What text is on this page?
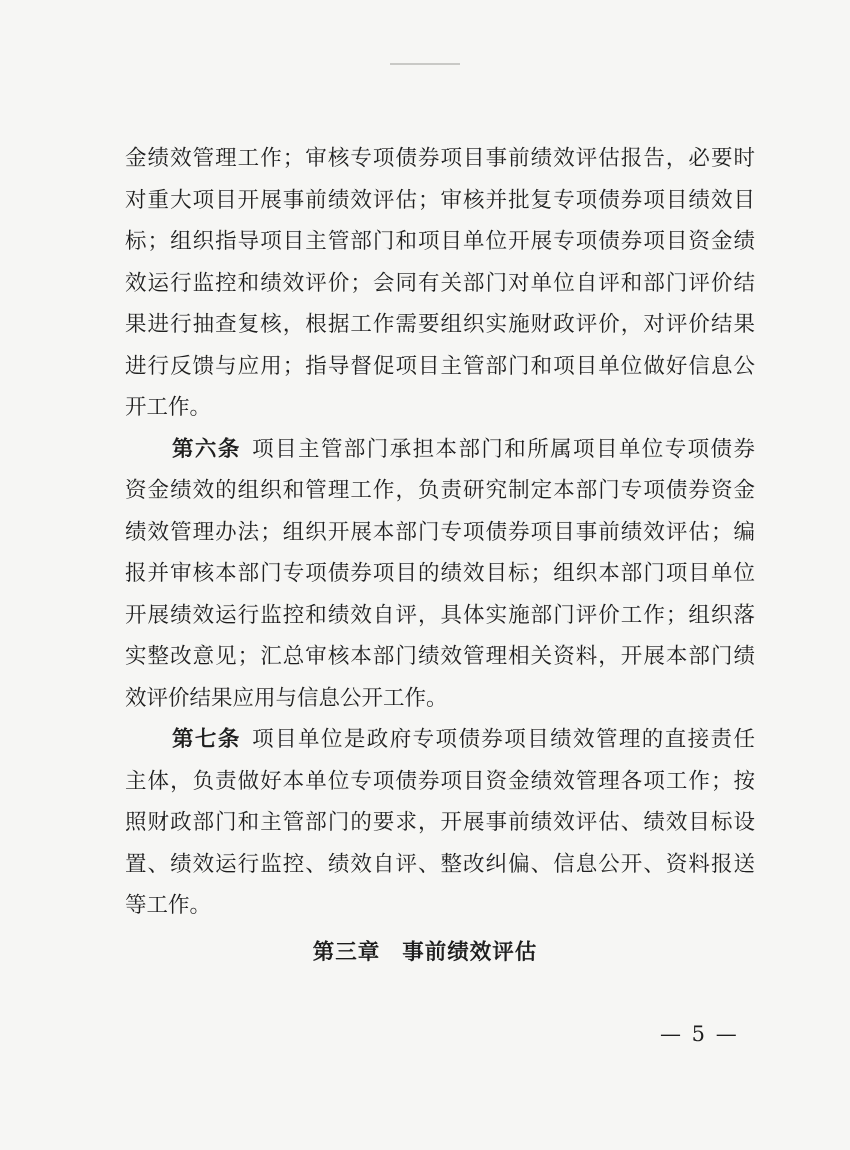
金绩效管理工作；审核专项债券项目事前绩效评估报告，必要时
对重大项目开展事前绩效评估；审核并批复专项债券项目绩效目
标；组织指导项目主管部门和项目单位开展专项债券项目资金绩
效运行监控和绩效评价；会同有关部门对单位自评和部门评价结
果进行抽查复核，根据工作需要组织实施财政评价，对评价结果
进行反馈与应用；指导督促项目主管部门和项目单位做好信息公
开工作。
第六条 项目主管部门承担本部门和所属项目单位专项债券
资金绩效的组织和管理工作，负责研究制定本部门专项债券资金
绩效管理办法；组织开展本部门专项债券项目事前绩效评估；编
报并审核本部门专项债券项目的绩效目标；组织本部门项目单位
开展绩效运行监控和绩效自评，具体实施部门评价工作；组织落
实整改意见；汇总审核本部门绩效管理相关资料，开展本部门绩
效评价结果应用与信息公开工作。
第七条 项目单位是政府专项债券项目绩效管理的直接责任
主体，负责做好本单位专项债券项目资金绩效管理各项工作；按
照财政部门和主管部门的要求，开展事前绩效评估、绩效目标设
置、绩效运行监控、绩效自评、整改纠偏、信息公开、资料报送
等工作。
第三章 事前绩效评估
— 5 —
